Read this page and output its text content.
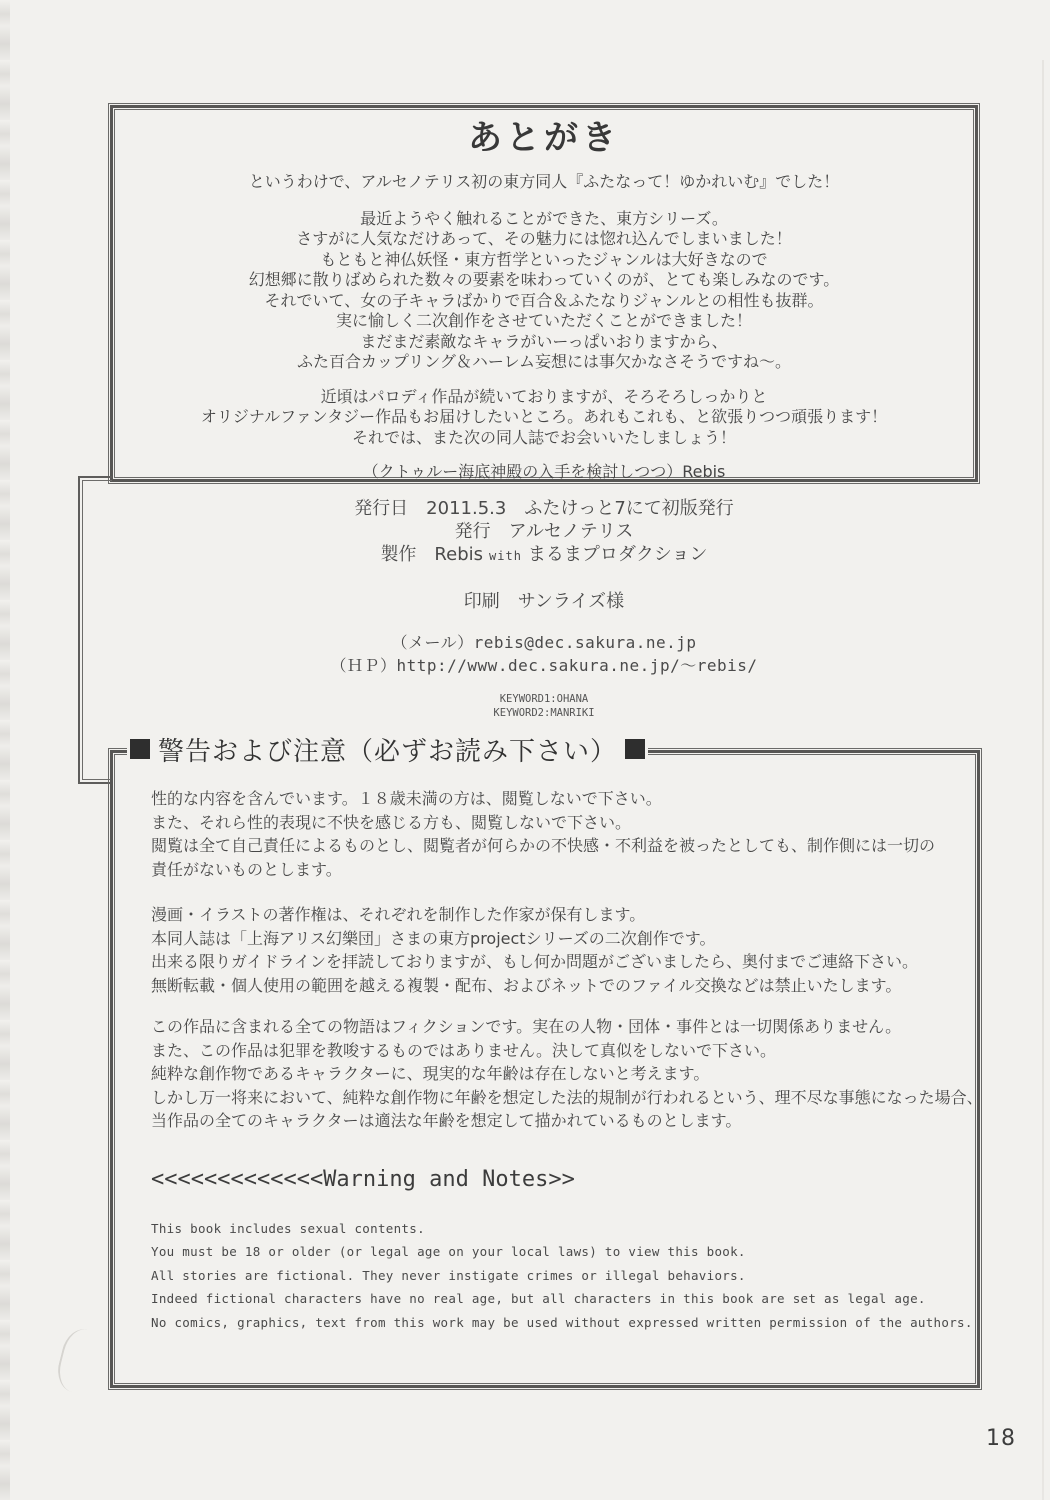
あとがき
というわけで、アルセノテリス初の東方同人『ふたなって！ゆかれいむ』でした！
最近ようやく触れることができた、東方シリーズ。
さすがに人気なだけあって、その魅力には惚れ込んでしまいました！
もともと神仏妖怪・東方哲学といったジャンルは大好きなので
幻想郷に散りばめられた数々の要素を味わっていくのが、とても楽しみなのです。
それでいて、女の子キャラばかりで百合＆ふたなりジャンルとの相性も抜群。
実に愉しく二次創作をさせていただくことができました！
まだまだ素敵なキャラがいーっぱいおりますから、
ふた百合カップリング＆ハーレム妄想には事欠かなさそうですね～。
近頃はパロディ作品が続いておりますが、そろそろしっかりと
オリジナルファンタジー作品もお届けしたいところ。あれもこれも、と欲張りつつ頑張ります！
それでは、また次の同人誌でお会いいたしましょう！
（クトゥルー海底神殿の入手を検討しつつ）Rebis
発行日　2011.5.3　ふたけっと7にて初版発行
発行　アルセノテリス
製作　Rebis with まるまプロダクション
印刷　サンライズ様
（メール）rebis@dec.sakura.ne.jp
（ＨＰ）http://www.dec.sakura.ne.jp/～rebis/
KEYWORD1:OHANA
KEYWORD2:MANRIKI
警告および注意（必ずお読み下さい）
性的な内容を含んでいます。１８歳未満の方は、閲覧しないで下さい。
また、それら性的表現に不快を感じる方も、閲覧しないで下さい。
閲覧は全て自己責任によるものとし、閲覧者が何らかの不快感・不利益を被ったとしても、制作側には一切の
責任がないものとします。
漫画・イラストの著作権は、それぞれを制作した作家が保有します。
本同人誌は「上海アリス幻樂団」さまの東方projectシリーズの二次創作です。
出来る限りガイドラインを拝読しておりますが、もし何か問題がございましたら、奥付までご連絡下さい。
無断転載・個人使用の範囲を越える複製・配布、およびネットでのファイル交換などは禁止いたします。
この作品に含まれる全ての物語はフィクションです。実在の人物・団体・事件とは一切関係ありません。
また、この作品は犯罪を教唆するものではありません。決して真似をしないで下さい。
純粋な創作物であるキャラクターに、現実的な年齢は存在しないと考えます。
しかし万一将来において、純粋な創作物に年齢を想定した法的規制が行われるという、理不尽な事態になった場合、
当作品の全てのキャラクターは適法な年齢を想定して描かれているものとします。
<<<<<<<<<<<<<Warning and Notes>>
This book includes sexual contents.
You must be 18 or older (or legal age on your local laws) to view this book.
All stories are fictional. They never instigate crimes or illegal behaviors.
Indeed fictional characters have no real age, but all characters in this book are set as legal age.
No comics, graphics, text from this work may be used without expressed written permission of the authors.
18
